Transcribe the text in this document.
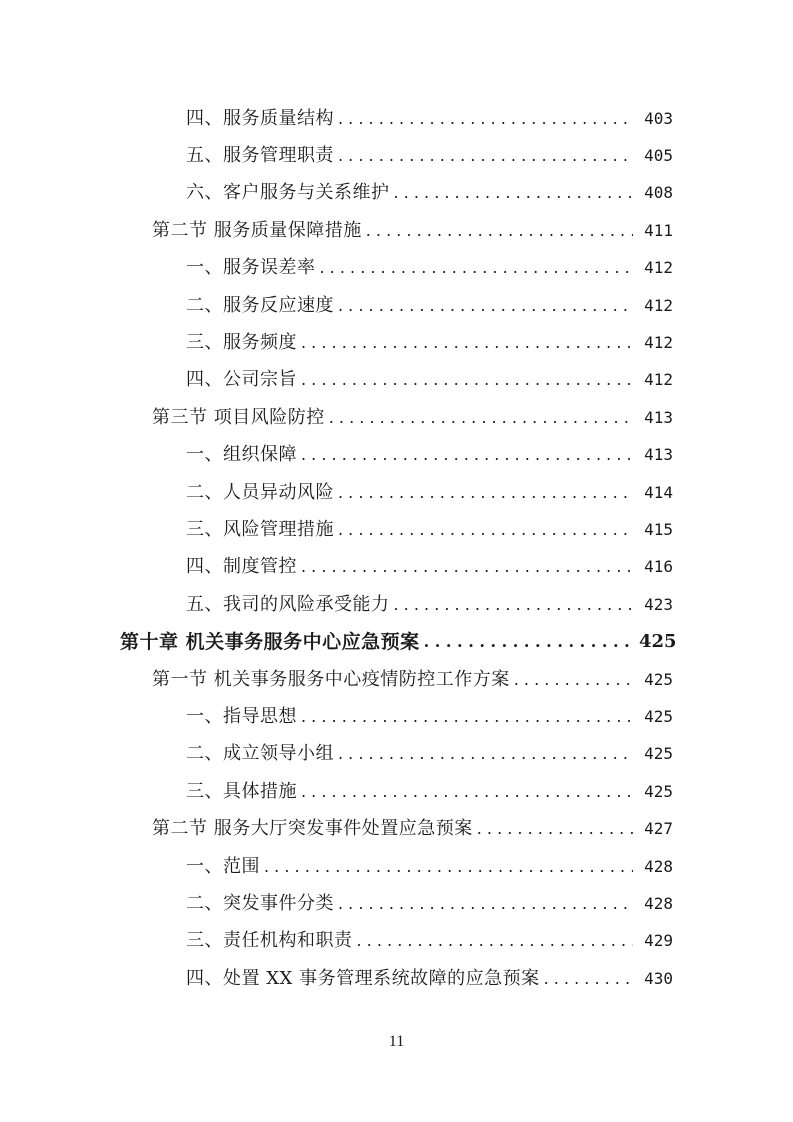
四、服务质量结构 . . .	403
五、服务管理职责 . . .	405
六、客户服务与关系维护 . . .	408
第二节 服务质量保障措施 . . .	411
一、服务误差率 . . .	412
二、服务反应速度 . . .	412
三、服务频度 . . .	412
四、公司宗旨 . . .	412
第三节 项目风险防控 . . .	413
一、组织保障 . . .	413
二、人员异动风险 . . .	414
三、风险管理措施 . . .	415
四、制度管控 . . .	416
五、我司的风险承受能力 . . .	423
第十章 机关事务服务中心应急预案 . . .	425
第一节 机关事务服务中心疫情防控工作方案 . . .	425
一、指导思想 . . .	425
二、成立领导小组 . . .	425
三、具体措施 . . .	425
第二节 服务大厅突发事件处置应急预案 . . .	427
一、范围 . . .	428
二、突发事件分类 . . .	428
三、责任机构和职责 . . .	429
四、处置 XX 事务管理系统故障的应急预案 . . .	430
11
